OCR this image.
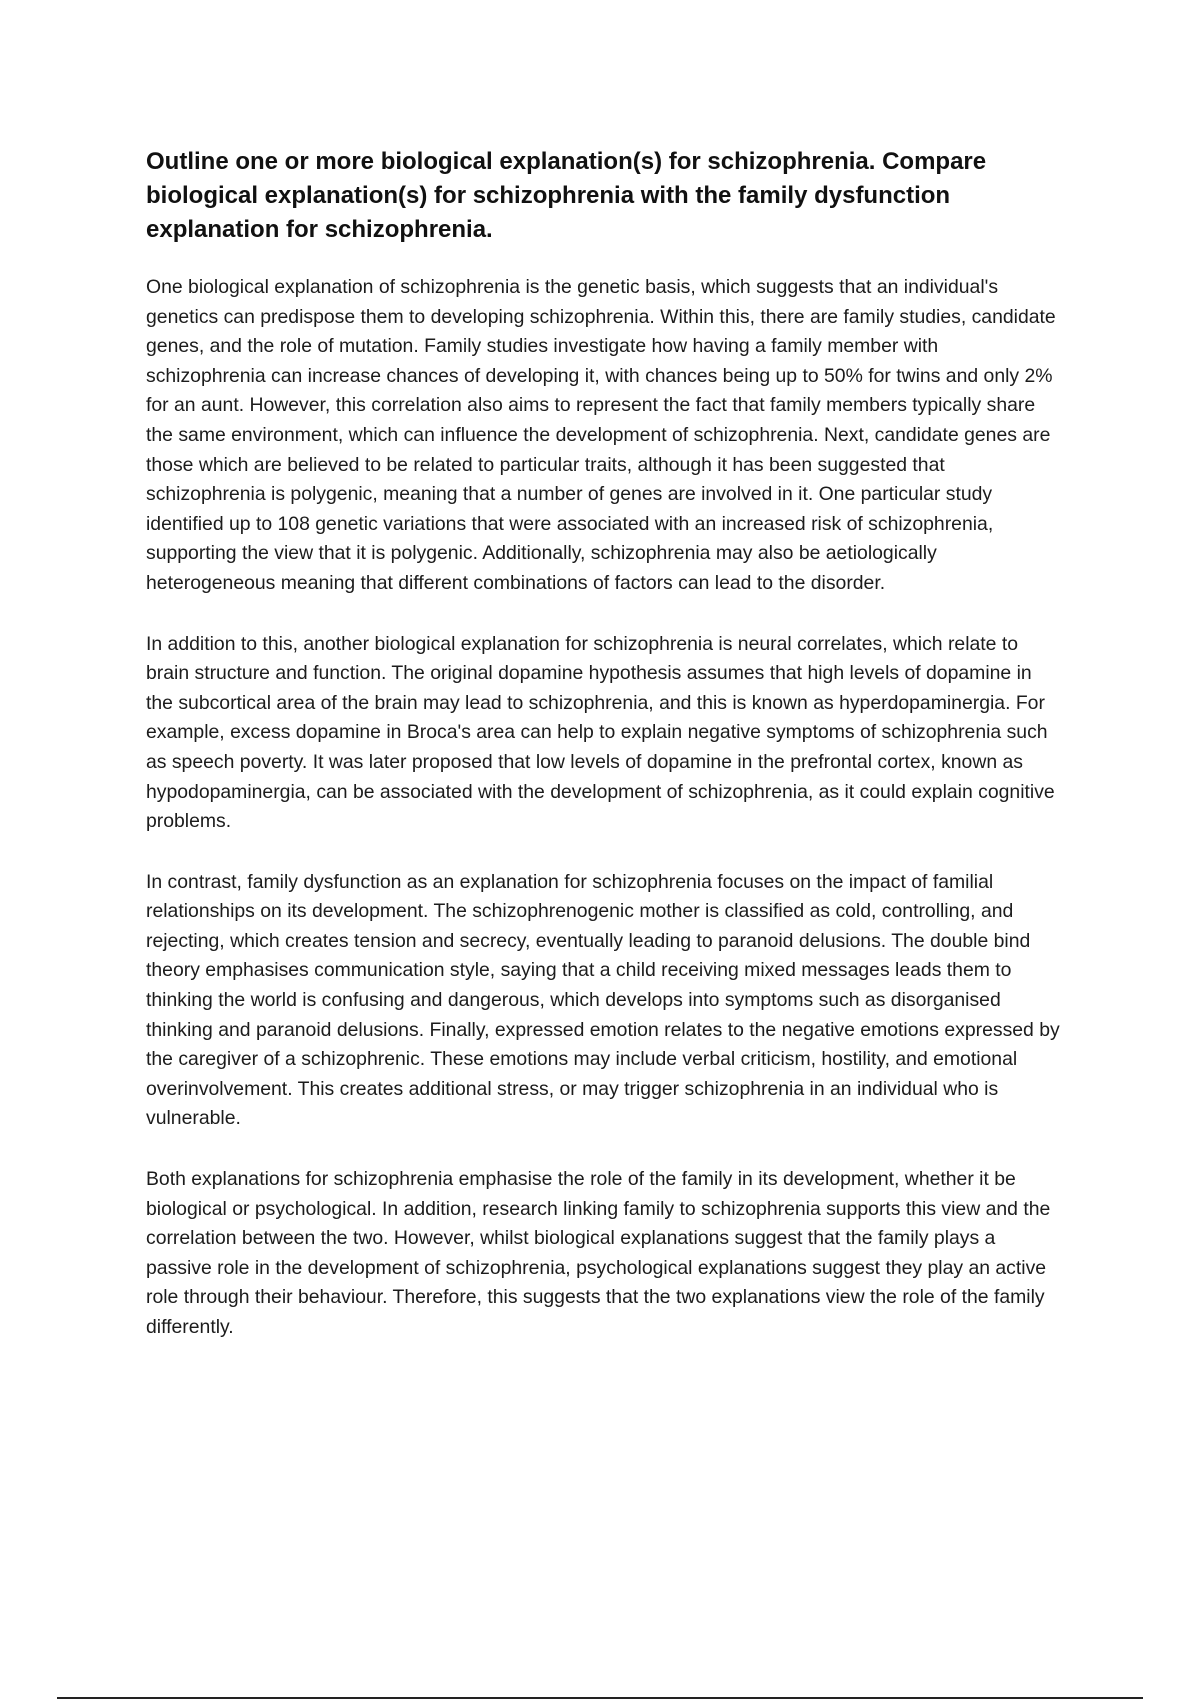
Outline one or more biological explanation(s) for schizophrenia. Compare biological explanation(s) for schizophrenia with the family dysfunction explanation for schizophrenia.

One biological explanation of schizophrenia is the genetic basis, which suggests that an individual's genetics can predispose them to developing schizophrenia. Within this, there are family studies, candidate genes, and the role of mutation. Family studies investigate how having a family member with schizophrenia can increase chances of developing it, with chances being up to 50% for twins and only 2% for an aunt. However, this correlation also aims to represent the fact that family members typically share the same environment, which can influence the development of schizophrenia. Next, candidate genes are those which are believed to be related to particular traits, although it has been suggested that schizophrenia is polygenic, meaning that a number of genes are involved in it. One particular study identified up to 108 genetic variations that were associated with an increased risk of schizophrenia, supporting the view that it is polygenic. Additionally, schizophrenia may also be aetiologically heterogeneous meaning that different combinations of factors can lead to the disorder.

In addition to this, another biological explanation for schizophrenia is neural correlates, which relate to brain structure and function. The original dopamine hypothesis assumes that high levels of dopamine in the subcortical area of the brain may lead to schizophrenia, and this is known as hyperdopaminergia. For example, excess dopamine in Broca's area can help to explain negative symptoms of schizophrenia such as speech poverty. It was later proposed that low levels of dopamine in the prefrontal cortex, known as hypodopaminergia, can be associated with the development of schizophrenia, as it could explain cognitive problems.

In contrast, family dysfunction as an explanation for schizophrenia focuses on the impact of familial relationships on its development. The schizophrenogenic mother is classified as cold, controlling, and rejecting, which creates tension and secrecy, eventually leading to paranoid delusions. The double bind theory emphasises communication style, saying that a child receiving mixed messages leads them to thinking the world is confusing and dangerous, which develops into symptoms such as disorganised thinking and paranoid delusions. Finally, expressed emotion relates to the negative emotions expressed by the caregiver of a schizophrenic. These emotions may include verbal criticism, hostility, and emotional overinvolvement. This creates additional stress, or may trigger schizophrenia in an individual who is vulnerable.

Both explanations for schizophrenia emphasise the role of the family in its development, whether it be biological or psychological. In addition, research linking family to schizophrenia supports this view and the correlation between the two. However, whilst biological explanations suggest that the family plays a passive role in the development of schizophrenia, psychological explanations suggest they play an active role through their behaviour. Therefore, this suggests that the two explanations view the role of the family differently.
